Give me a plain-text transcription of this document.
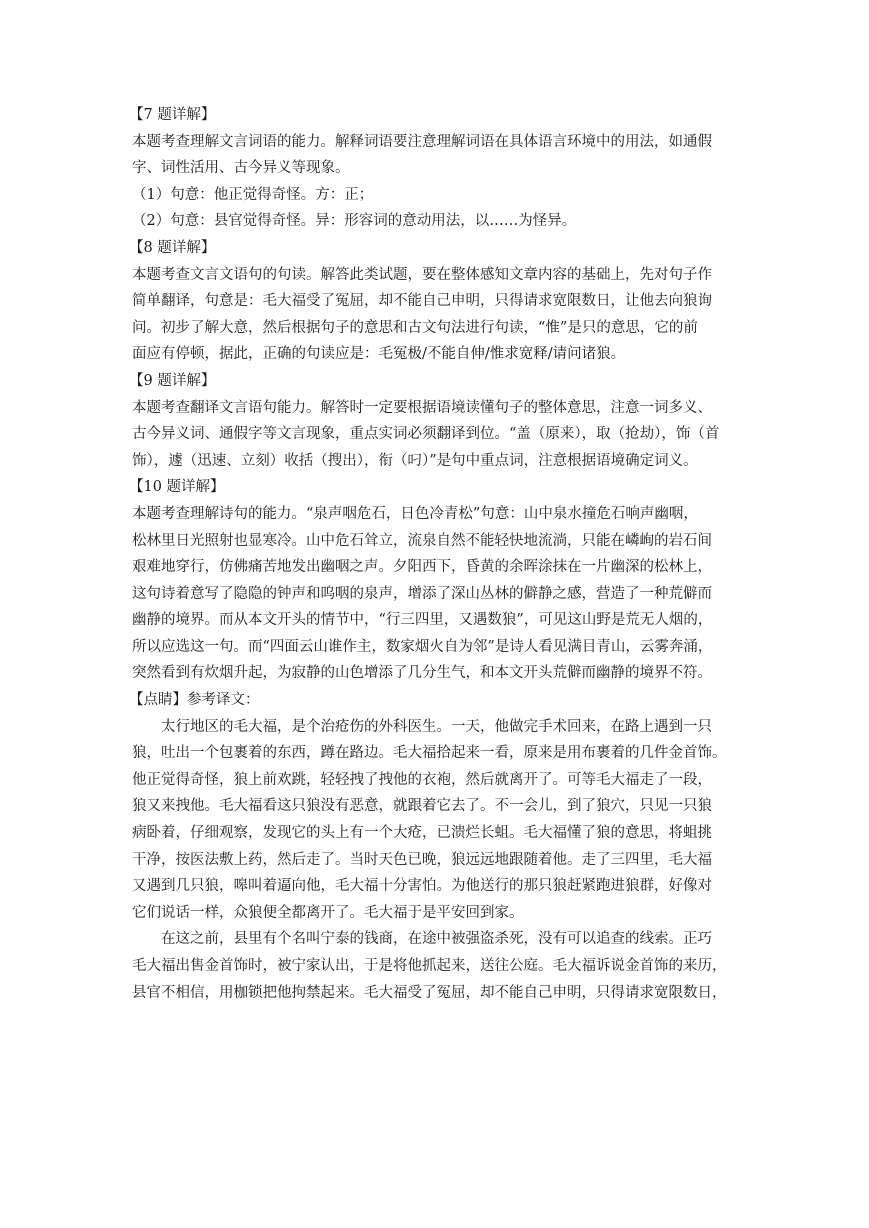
【7 题详解】
本题考查理解文言词语的能力。解释词语要注意理解词语在具体语言环境中的用法，如通假
字、词性活用、古今异义等现象。
（1）句意：他正觉得奇怪。方：正；
（2）句意：县官觉得奇怪。异：形容词的意动用法，以……为怪异。
【8 题详解】
本题考查文言文语句的句读。解答此类试题，要在整体感知文章内容的基础上，先对句子作
简单翻译，句意是：毛大福受了冤屈，却不能自己申明，只得请求宽限数日，让他去向狼询
问。初步了解大意，然后根据句子的意思和古文句法进行句读，“惟”是只的意思，它的前
面应有停顿，据此，正确的句读应是：毛冤极/不能自伸/惟求宽释/请问诸狼。
【9 题详解】
本题考查翻译文言语句能力。解答时一定要根据语境读懂句子的整体意思，注意一词多义、
古今异义词、通假字等文言现象，重点实词必须翻译到位。“盖（原来），取（抢劫），饰（首
饰），遽（迅速、立刻）收括（搜出），衔（叼）”是句中重点词，注意根据语境确定词义。
【10 题详解】
本题考查理解诗句的能力。“泉声咽危石，日色冷青松”句意：山中泉水撞危石响声幽咽，
松林里日光照射也显寒冷。山中危石耸立，流泉自然不能轻快地流淌，只能在嶙峋的岩石间
艰难地穿行，仿佛痛苦地发出幽咽之声。夕阳西下，昏黄的余晖涂抹在一片幽深的松林上，
这句诗着意写了隐隐的钟声和呜咽的泉声，增添了深山丛林的僻静之感，营造了一种荒僻而
幽静的境界。而从本文开头的情节中，“行三四里，又遇数狼”，可见这山野是荒无人烟的，
所以应选这一句。而“四面云山谁作主，数家烟火自为邻”是诗人看见满目青山，云雾奔涌，
突然看到有炊烟升起，为寂静的山色增添了几分生气，和本文开头荒僻而幽静的境界不符。
【点睛】参考译文：
太行地区的毛大福，是个治疮伤的外科医生。一天，他做完手术回来，在路上遇到一只
狼，吐出一个包裹着的东西，蹲在路边。毛大福拾起来一看，原来是用布裹着的几件金首饰。
他正觉得奇怪，狼上前欢跳，轻轻拽了拽他的衣袍，然后就离开了。可等毛大福走了一段，
狼又来拽他。毛大福看这只狼没有恶意，就跟着它去了。不一会儿，到了狼穴，只见一只狼
病卧着，仔细观察，发现它的头上有一个大疮，已溃烂长蛆。毛大福懂了狼的意思，将蛆挑
干净，按医法敷上药，然后走了。当时天色已晚，狼远远地跟随着他。走了三四里，毛大福
又遇到几只狼，嗥叫着逼向他，毛大福十分害怕。为他送行的那只狼赶紧跑进狼群，好像对
它们说话一样，众狼便全都离开了。毛大福于是平安回到家。
在这之前，县里有个名叫宁泰的钱商，在途中被强盗杀死，没有可以追查的线索。正巧
毛大福出售金首饰时，被宁家认出，于是将他抓起来，送往公庭。毛大福诉说金首饰的来历，
县官不相信，用枷锁把他拘禁起来。毛大福受了冤屈，却不能自己申明，只得请求宽限数日，
